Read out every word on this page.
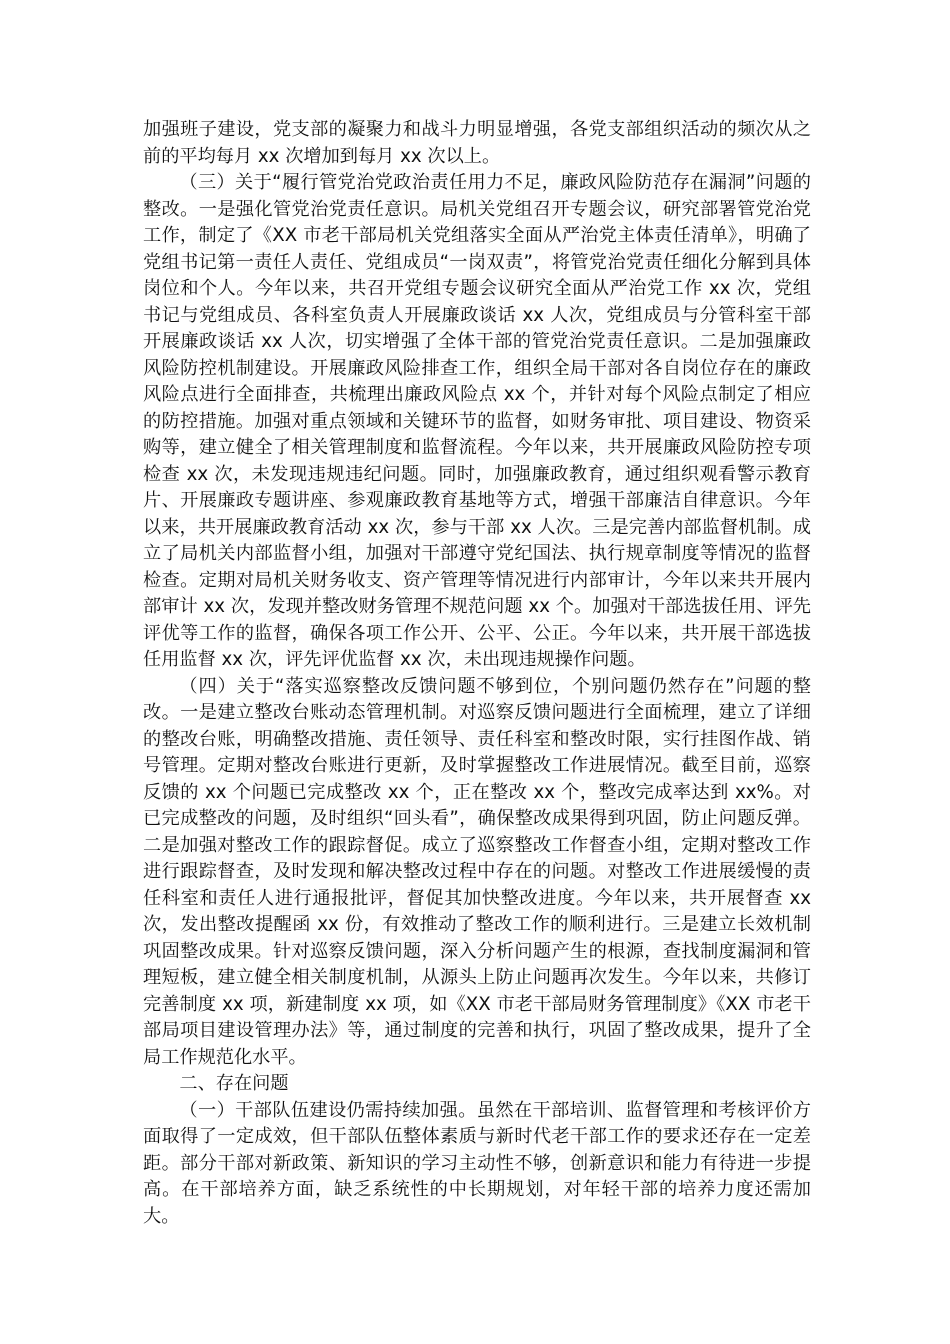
加强班子建设，党支部的凝聚力和战斗力明显增强，各党支部组织活动的频次从之前的平均每月 xx 次增加到每月 xx 次以上。

（三）关于“履行管党治党政治责任用力不足，廉政风险防范存在漏洞”问题的整改。一是强化管党治党责任意识。局机关党组召开专题会议，研究部署管党治党工作，制定了《XX 市老干部局机关党组落实全面从严治党主体责任清单》，明确了党组书记第一责任人责任、党组成员“一岗双责”，将管党治党责任细化分解到具体岗位和个人。今年以来，共召开党组专题会议研究全面从严治党工作 xx 次，党组书记与党组成员、各科室负责人开展廉政谈话 xx 人次，党组成员与分管科室干部开展廉政谈话 xx 人次，切实增强了全体干部的管党治党责任意识。二是加强廉政风险防控机制建设。开展廉政风险排查工作，组织全局干部对各自岗位存在的廉政风险点进行全面排查，共梳理出廉政风险点 xx 个，并针对每个风险点制定了相应的防控措施。加强对重点领域和关键环节的监督，如财务审批、项目建设、物资采购等，建立健全了相关管理制度和监督流程。今年以来，共开展廉政风险防控专项检查 xx 次，未发现违规违纪问题。同时，加强廉政教育，通过组织观看警示教育片、开展廉政专题讲座、参观廉政教育基地等方式，增强干部廉洁自律意识。今年以来，共开展廉政教育活动 xx 次，参与干部 xx 人次。三是完善内部监督机制。成立了局机关内部监督小组，加强对干部遵守党纪国法、执行规章制度等情况的监督检查。定期对局机关财务收支、资产管理等情况进行内部审计，今年以来共开展内部审计 xx 次，发现并整改财务管理不规范问题 xx 个。加强对干部选拔任用、评先评优等工作的监督，确保各项工作公开、公平、公正。今年以来，共开展干部选拔任用监督 xx 次，评先评优监督 xx 次，未出现违规操作问题。

（四）关于“落实巡察整改反馈问题不够到位，个别问题仍然存在”问题的整改。一是建立整改台账动态管理机制。对巡察反馈问题进行全面梳理，建立了详细的整改台账，明确整改措施、责任领导、责任科室和整改时限，实行挂图作战、销号管理。定期对整改台账进行更新，及时掌握整改工作进展情况。截至目前，巡察反馈的 xx 个问题已完成整改 xx 个，正在整改 xx 个，整改完成率达到 xx%。对已完成整改的问题，及时组织“回头看”，确保整改成果得到巩固，防止问题反弹。二是加强对整改工作的跟踪督促。成立了巡察整改工作督查小组，定期对整改工作进行跟踪督查，及时发现和解决整改过程中存在的问题。对整改工作进展缓慢的责任科室和责任人进行通报批评，督促其加快整改进度。今年以来，共开展督查 xx 次，发出整改提醒函 xx 份，有效推动了整改工作的顺利进行。三是建立长效机制巩固整改成果。针对巡察反馈问题，深入分析问题产生的根源，查找制度漏洞和管理短板，建立健全相关制度机制，从源头上防止问题再次发生。今年以来，共修订完善制度 xx 项，新建制度 xx 项，如《XX 市老干部局财务管理制度》《XX 市老干部局项目建设管理办法》等，通过制度的完善和执行，巩固了整改成果，提升了全局工作规范化水平。

二、存在问题

（一）干部队伍建设仍需持续加强。虽然在干部培训、监督管理和考核评价方面取得了一定成效，但干部队伍整体素质与新时代老干部工作的要求还存在一定差距。部分干部对新政策、新知识的学习主动性不够，创新意识和能力有待进一步提高。在干部培养方面，缺乏系统性的中长期规划，对年轻干部的培养力度还需加大。
